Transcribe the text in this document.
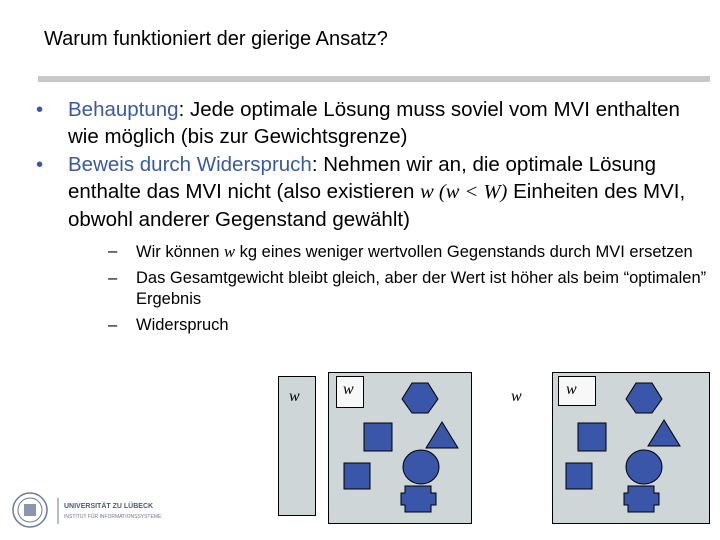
Warum funktioniert der gierige Ansatz?
• Behauptung: Jede optimale Lösung muss soviel vom MVI enthalten wie möglich (bis zur Gewichtsgrenze)
• Beweis durch Widerspruch: Nehmen wir an, die optimale Lösung enthalte das MVI nicht (also existieren w (w < W) Einheiten des MVI, obwohl anderer Gegenstand gewählt)
– Wir können w kg eines weniger wertvollen Gegenstands durch MVI ersetzen
– Das Gesamtgewicht bleibt gleich, aber der Wert ist höher als beim “optimalen” Ergebnis
– Widerspruch
w	w	w	w
UNIVERSITÄT ZU LÜBECK
INSTITUT FÜR INFORMATIONSSYSTEME
